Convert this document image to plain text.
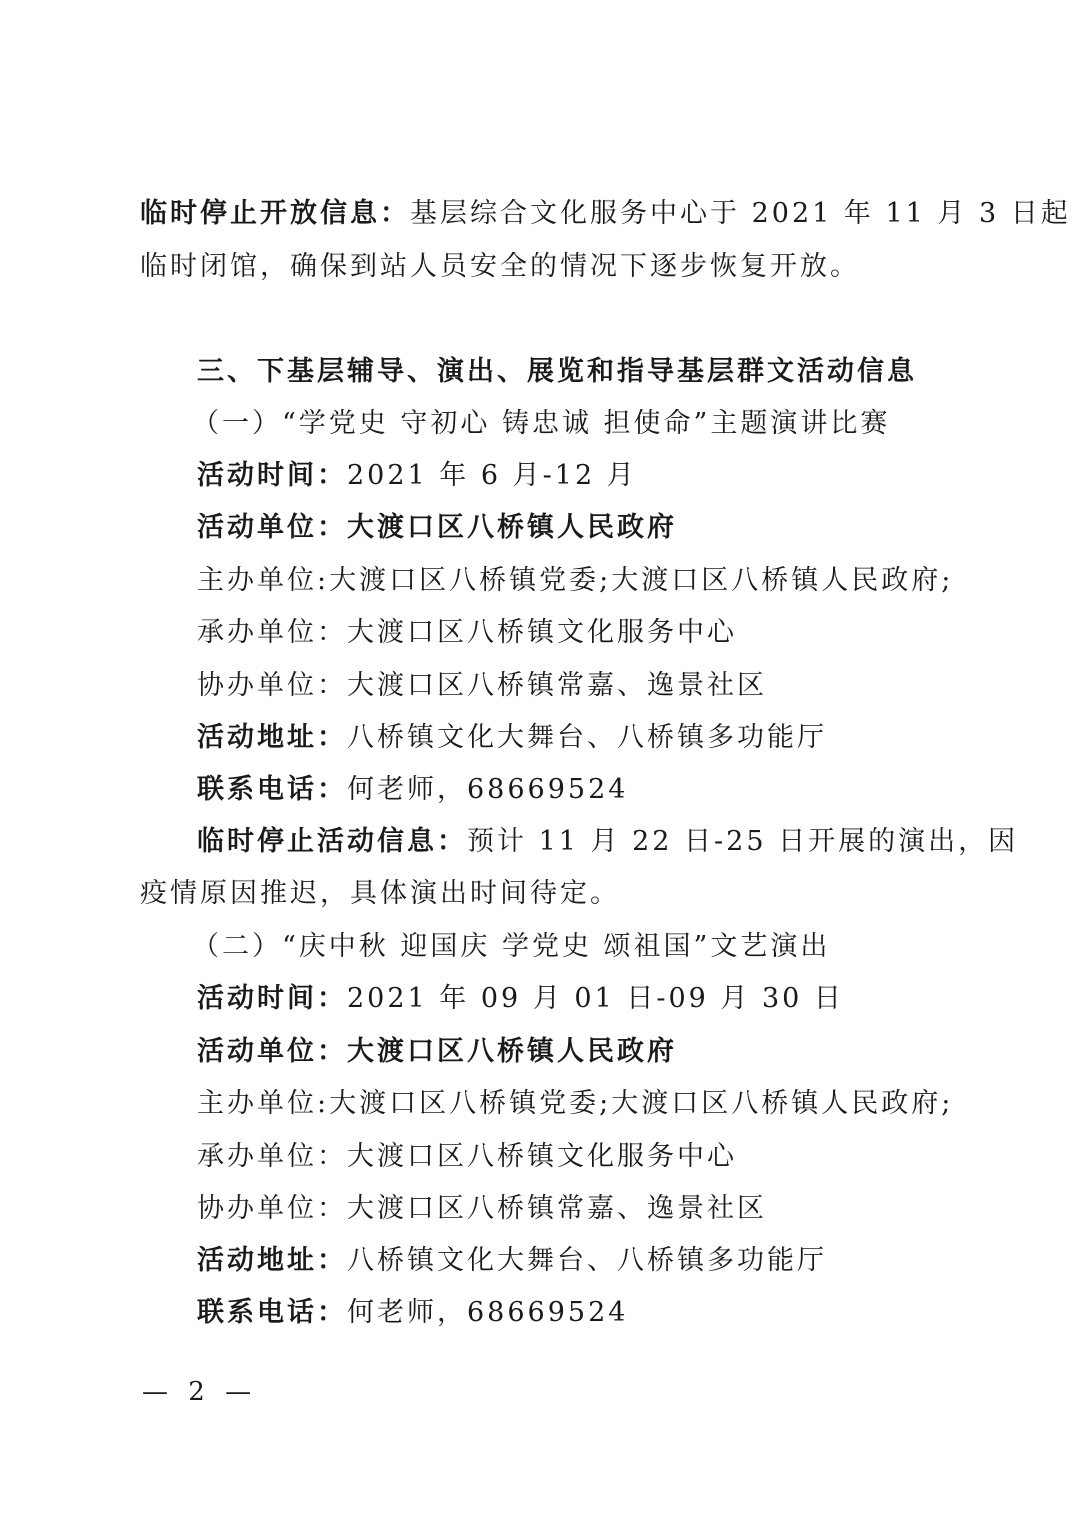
临时停止开放信息：基层综合文化服务中心于 2021 年 11 月 3 日起
临时闭馆，确保到站人员安全的情况下逐步恢复开放。
三、下基层辅导、演出、展览和指导基层群文活动信息
（一）“学党史 守初心 铸忠诚 担使命”主题演讲比赛
活动时间：2021 年 6 月-12 月
活动单位：大渡口区八桥镇人民政府
主办单位:大渡口区八桥镇党委;大渡口区八桥镇人民政府;
承办单位：大渡口区八桥镇文化服务中心
协办单位：大渡口区八桥镇常嘉、逸景社区
活动地址：八桥镇文化大舞台、八桥镇多功能厅
联系电话：何老师，68669524
临时停止活动信息：预计 11 月 22 日-25 日开展的演出，因
疫情原因推迟，具体演出时间待定。
（二）“庆中秋 迎国庆 学党史 颂祖国”文艺演出
活动时间：2021 年 09 月 01 日-09 月 30 日
活动单位：大渡口区八桥镇人民政府
主办单位:大渡口区八桥镇党委;大渡口区八桥镇人民政府;
承办单位：大渡口区八桥镇文化服务中心
协办单位：大渡口区八桥镇常嘉、逸景社区
活动地址：八桥镇文化大舞台、八桥镇多功能厅
联系电话：何老师，68669524
— 2 —
